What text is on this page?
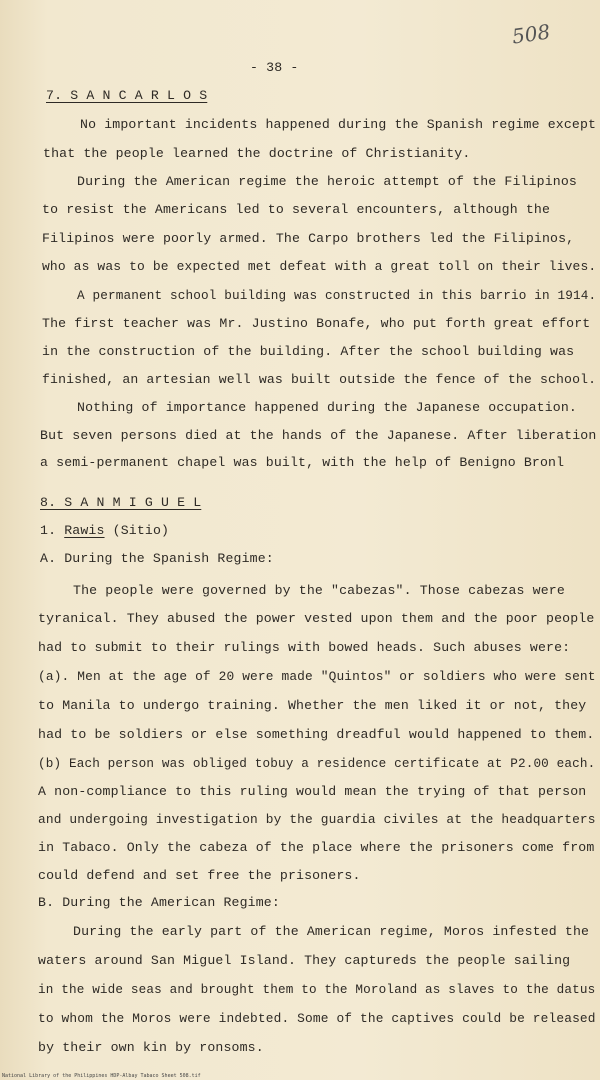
508
- 38 -
7. S A N C A R L O S
No important incidents happened during the Spanish regime except
that the people learned the doctrine of Christianity.
During the American regime the heroic attempt of the Filipinos
to resist the Americans led to several encounters, although the
Filipinos were poorly armed. The Carpo brothers led the Filipinos,
who as was to be expected met defeat with a great toll on their lives.
A permanent school building was constructed in this barrio in 1914.
The first teacher was Mr. Justino Bonafe, who put forth great effort
in the construction of the building. After the school building was
finished, an artesian well was built outside the fence of the school.
Nothing of importance happened during the Japanese occupation.
But seven persons died at the hands of the Japanese. After liberation
a semi-permanent chapel was built, with the help of Benigno Bronl
8. S A N M I G U E L
1. Rawis (Sitio)
A. During the Spanish Regime:
The people were governed by the "cabezas". Those cabezas were
tyranical. They abused the power vested upon them and the poor people
had to submit to their rulings with bowed heads. Such abuses were:
(a). Men at the age of 20 were made "Quintos" or soldiers who were sent
to Manila to undergo training. Whether the men liked it or not, they
had to be soldiers or else something dreadful would happened to them.
(b) Each person was obliged tobuy a residence certificate at P2.00 each.
A non-compliance to this ruling would mean the trying of that person
and undergoing investigation by the guardia civiles at the headquarters
in Tabaco. Only the cabeza of the place where the prisoners come from
could defend and set free the prisoners.
B. During the American Regime:
During the early part of the American regime, Moros infested the
waters around San Miguel Island. They captureds the people sailing
in the wide seas and brought them to the Moroland as slaves to the datus
to whom the Moros were indebted. Some of the captives could be released
by their own kin by ronsoms.
National Library of the Philippines HDP-Albay Tabaco Sheet 508.tif
